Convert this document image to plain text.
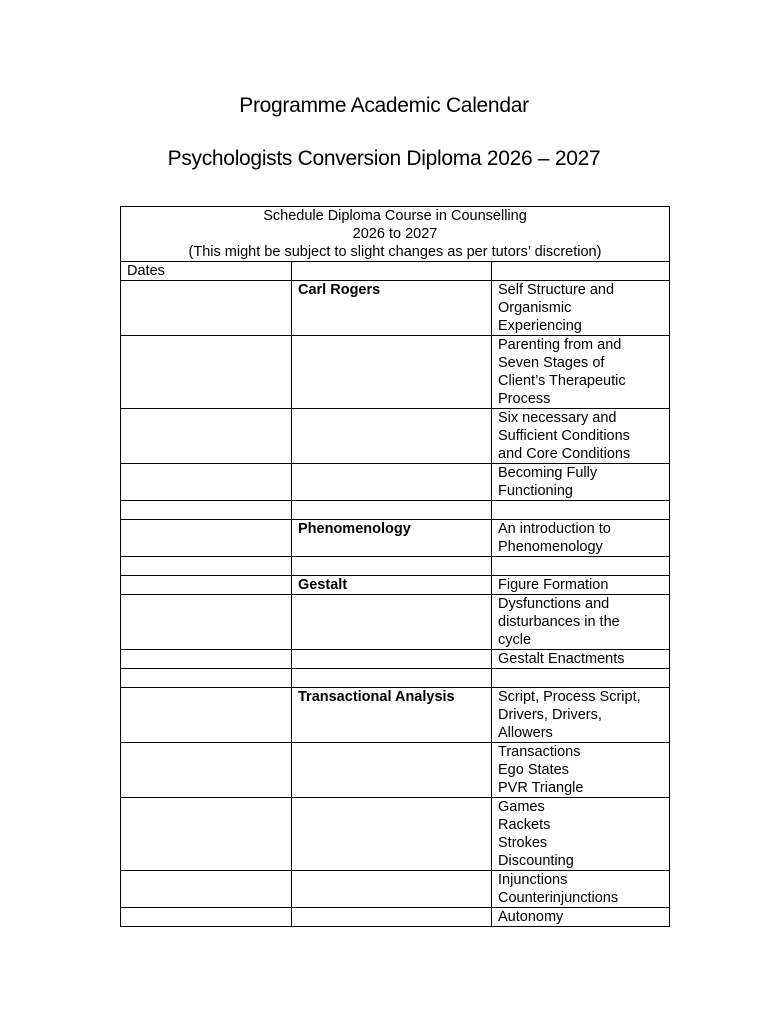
Programme Academic Calendar
Psychologists Conversion Diploma 2026 – 2027
Schedule Diploma Course in Counselling
2026 to 2027
(This might be subject to slight changes as per tutors’ discretion)		

Dates		
	Carl Rogers	Self Structure and
Organismic
Experiencing

		Parenting from and
Seven Stages of
Client’s Therapeutic
Process

		Six necessary and
Sufficient Conditions
and Core Conditions

		Becoming Fully
Functioning

	Phenomenology	An introduction to
Phenomenology

	Gestalt	Figure Formation

		Dysfunctions and
disturbances in the
cycle

		Gestalt Enactments

	Transactional Analysis	Script, Process Script,
Drivers, Drivers,
Allowers

		Transactions
Ego States
PVR Triangle

		Games
Rackets
Strokes
Discounting

		Injunctions
Counterinjunctions

		Autonomy
